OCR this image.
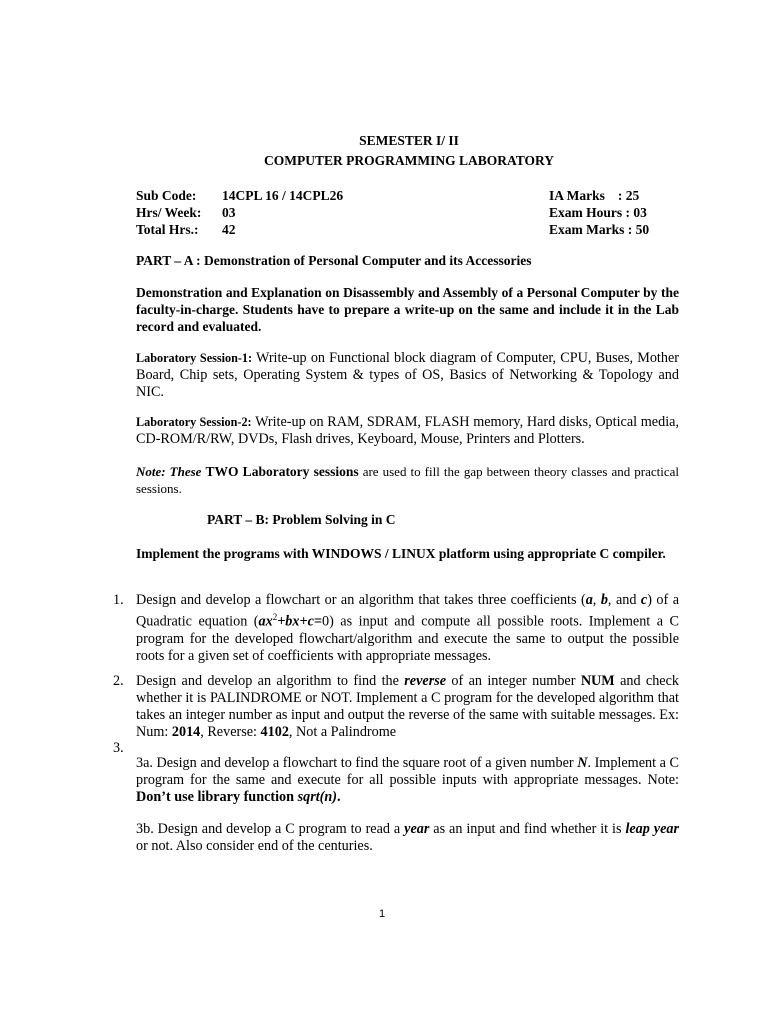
SEMESTER I/ II
COMPUTER PROGRAMMING LABORATORY
Sub Code:
Hrs/ Week:
Total Hrs.:
14CPL 16 / 14CPL26
03
42
IA Marks : 25
Exam Hours : 03
Exam Marks : 50
PART – A : Demonstration of Personal Computer and its Accessories
Demonstration and Explanation on Disassembly and Assembly of a Personal Computer by the faculty-in-charge. Students have to prepare a write-up on the same and include it in the Lab record and evaluated.
Laboratory Session-1: Write-up on Functional block diagram of Computer, CPU, Buses, Mother Board, Chip sets, Operating System & types of OS, Basics of Networking & Topology and NIC.
Laboratory Session-2: Write-up on RAM, SDRAM, FLASH memory, Hard disks, Optical media, CD-ROM/R/RW, DVDs, Flash drives, Keyboard, Mouse, Printers and Plotters.
Note: These TWO Laboratory sessions are used to fill the gap between theory classes and practical sessions.
PART – B: Problem Solving in C
Implement the programs with WINDOWS / LINUX platform using appropriate C compiler.
1. Design and develop a flowchart or an algorithm that takes three coefficients (a, b, and c) of a Quadratic equation $(ax^2+bx+c=0)$ as input and compute all possible roots. Implement a C program for the developed flowchart/algorithm and execute the same to output the possible roots for a given set of coefficients with appropriate messages.
2. Design and develop an algorithm to find the reverse of an integer number NUM and check whether it is PALINDROME or NOT. Implement a C program for the developed algorithm that takes an integer number as input and output the reverse of the same with suitable messages. Ex: Num: 2014, Reverse: 4102, Not a Palindrome
3.
3a. Design and develop a flowchart to find the square root of a given number N. Implement a C program for the same and execute for all possible inputs with appropriate messages. Note: Don’t use library function sqrt(n).
3b. Design and develop a C program to read a year as an input and find whether it is leap year or not. Also consider end of the centuries.
1
